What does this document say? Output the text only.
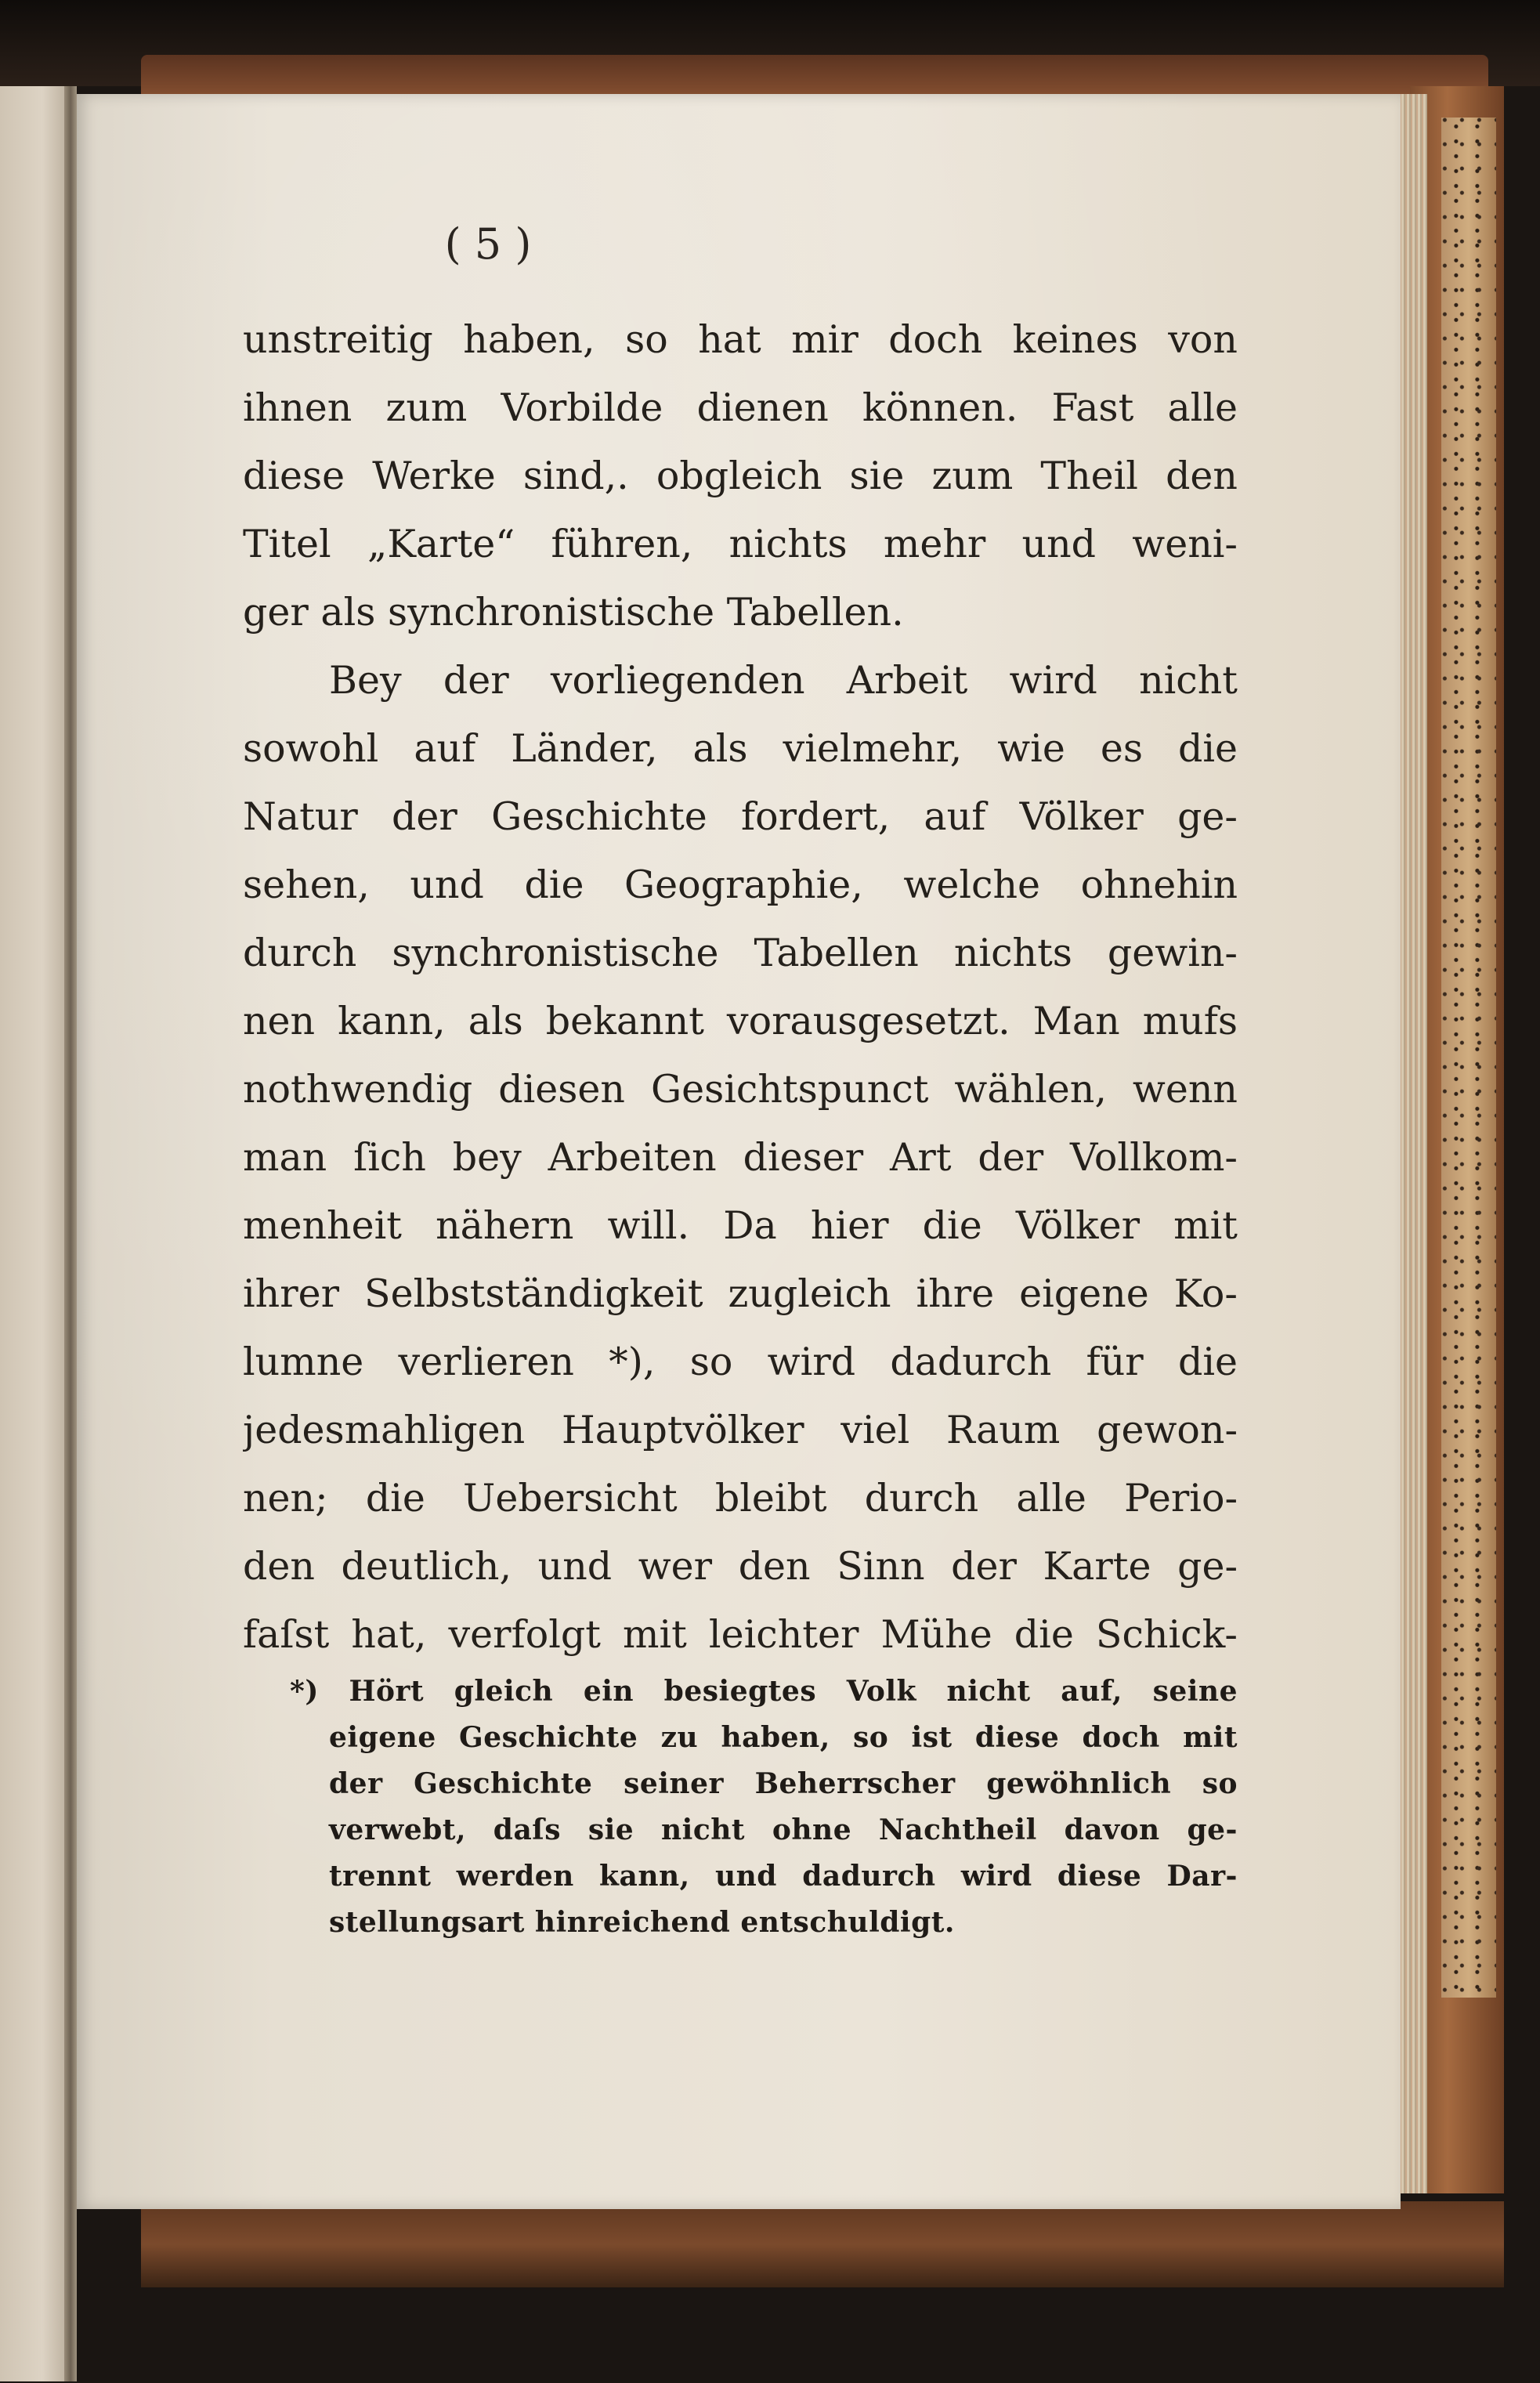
( 5 )
unstreitig haben, so hat mir doch keines von
ihnen zum Vorbilde dienen können. Fast alle
diese Werke sind,. obgleich sie zum Theil den
Titel „Karte“ führen, nichts mehr und weni-
ger als synchronistische Tabellen.
Bey der vorliegenden Arbeit wird nicht
sowohl auf Länder, als vielmehr, wie es die
Natur der Geschichte fordert, auf Völker ge-
sehen, und die Geographie, welche ohnehin
durch synchronistische Tabellen nichts gewin-
nen kann, als bekannt vorausgesetzt. Man mufs
nothwendig diesen Gesichtspunct wählen, wenn
man ſich bey Arbeiten dieser Art der Vollkom-
menheit nähern will. Da hier die Völker mit
ihrer Selbstständigkeit zugleich ihre eigene Ko-
lumne verlieren *), so wird dadurch für die
jedesmahligen Hauptvölker viel Raum gewon-
nen; die Uebersicht bleibt durch alle Perio-
den deutlich, und wer den Sinn der Karte ge-
faſst hat, verfolgt mit leichter Mühe die Schick-
*) Hört gleich ein besiegtes Volk nicht auf, seine
eigene Geschichte zu haben, so ist diese doch mit
der Geschichte seiner Beherrscher gewöhnlich so
verwebt, daſs sie nicht ohne Nachtheil davon ge-
trennt werden kann, und dadurch wird diese Dar-
stellungsart hinreichend entschuldigt.
